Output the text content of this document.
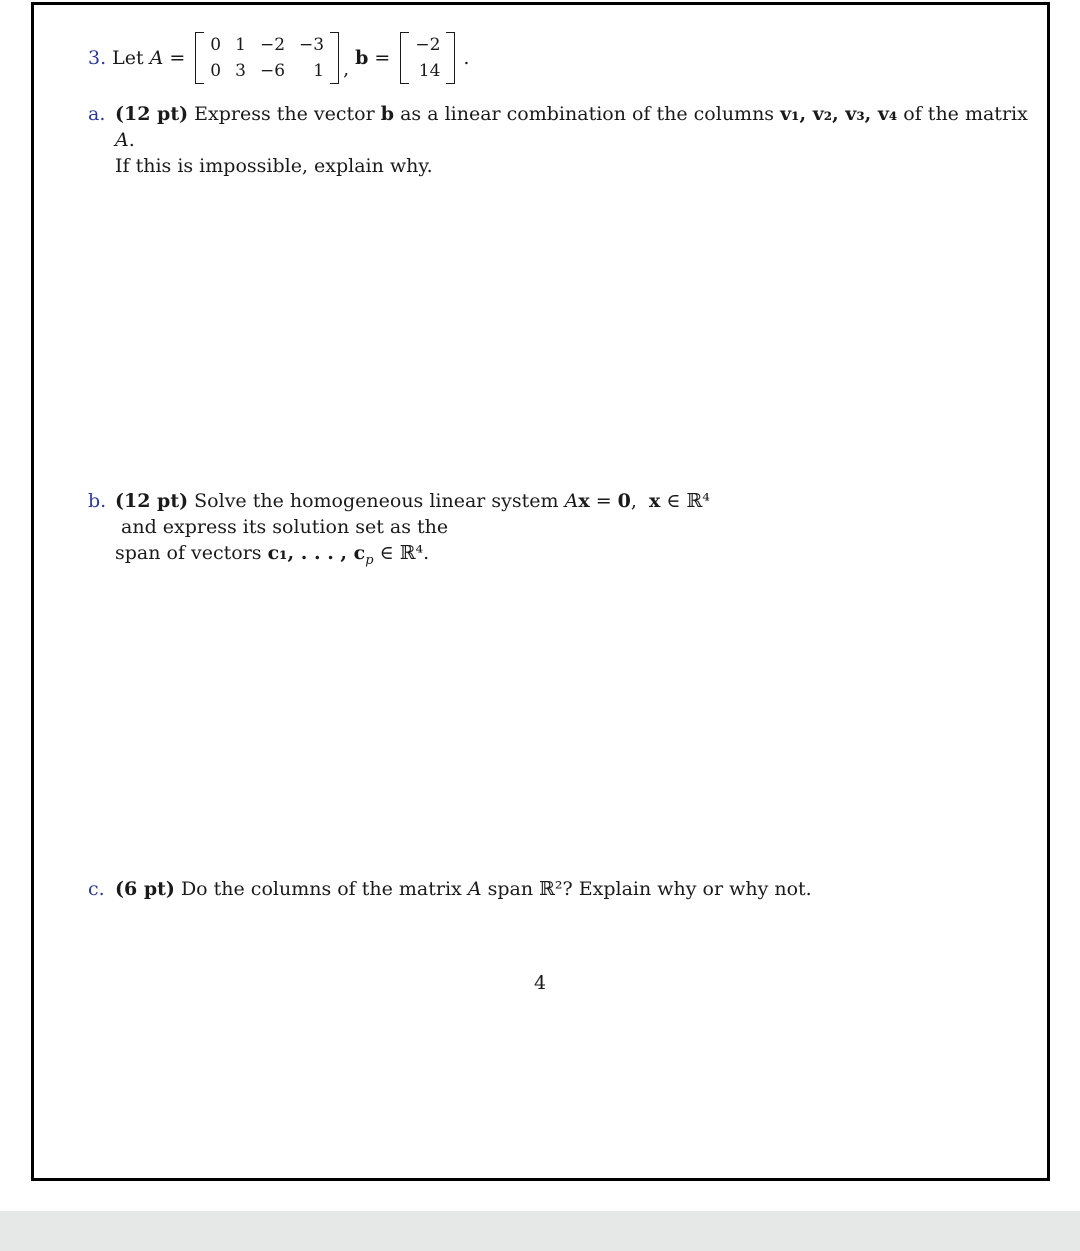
3. Let A =
0 1 −2 −3
0 3 −6	1 , b =
−2
14
.
a. (12 pt) Express the vector b as a linear combination of the columns v₁, v₂, v₃, v₄ of the matrix A.
If this is impossible, explain why.
b. (12 pt) Solve the homogeneous linear system Ax = 0,  x ∈ ℝ⁴ and express its solution set as the
span of vectors c₁, . . . , $c_p$ ∈ ℝ⁴.
c. (6 pt) Do the columns of the matrix A span ℝ²? Explain why or why not.
4
